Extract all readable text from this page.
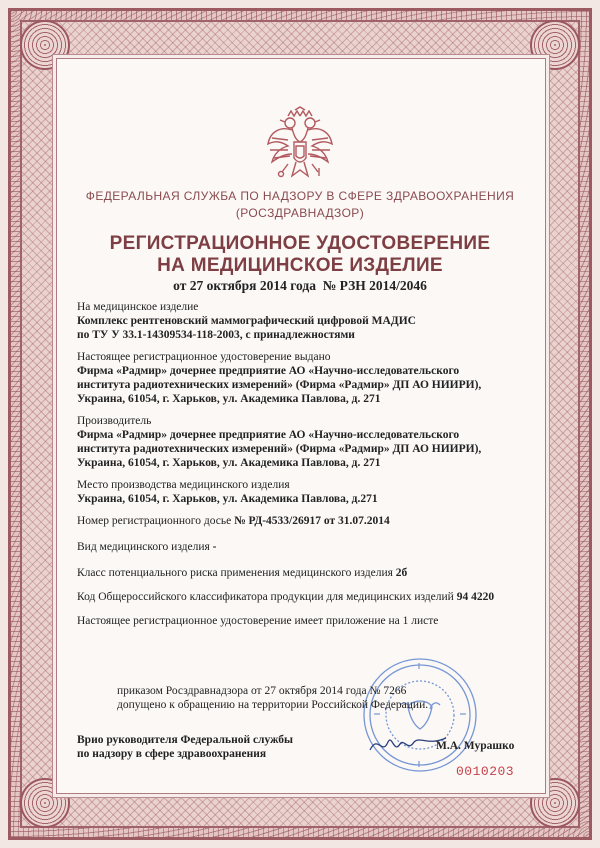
ФЕДЕРАЛЬНАЯ СЛУЖБА ПО НАДЗОРУ В СФЕРЕ ЗДРАВООХРАНЕНИЯ
(РОСЗДРАВНАДЗОР)
РЕГИСТРАЦИОННОЕ УДОСТОВЕРЕНИЕ
НА МЕДИЦИНСКОЕ ИЗДЕЛИЕ
от 27 октября 2014 года № РЗН 2014/2046
На медицинское изделие
Комплекс рентгеновский маммографический цифровой МАДИС
по ТУ У 33.1-14309534-118-2003, с принадлежностями
Настоящее регистрационное удостоверение выдано
Фирма «Радмир» дочернее предприятие АО «Научно-исследовательского
института радиотехнических измерений» (Фирма «Радмир» ДП АО НИИРИ),
Украина, 61054, г. Харьков, ул. Академика Павлова, д. 271
Производитель
Фирма «Радмир» дочернее предприятие АО «Научно-исследовательского
института радиотехнических измерений» (Фирма «Радмир» ДП АО НИИРИ),
Украина, 61054, г. Харьков, ул. Академика Павлова, д. 271
Место производства медицинского изделия
Украина, 61054, г. Харьков, ул. Академика Павлова, д.271
Номер регистрационного досье № РД-4533/26917 от 31.07.2014
Вид медицинского изделия -
Класс потенциального риска применения медицинского изделия 2б
Код Общероссийского классификатора продукции для медицинских изделий 94 4220
Настоящее регистрационное удостоверение имеет приложение на 1 листе
приказом Росздравнадзора от 27 октября 2014 года № 7266
допущено к обращению на территории Российской Федерации.
Врио руководителя Федеральной службы
по надзору в сфере здравоохранения
М.А. Мурашко
0010203
